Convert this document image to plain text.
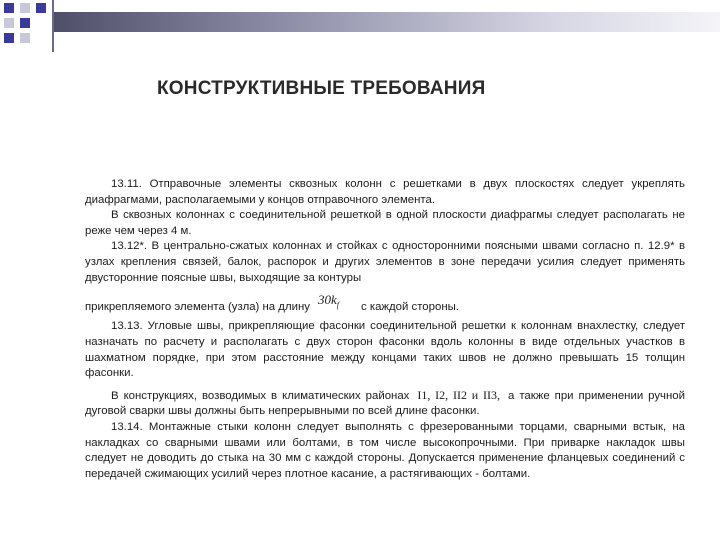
КОНСТРУКТИВНЫЕ ТРЕБОВАНИЯ

13.11. Отправочные элементы сквозных колонн с решетками в двух плоскостях следует укреплять диафрагмами, располагаемыми у концов отправочного элемента.

В сквозных колоннах с соединительной решеткой в одной плоскости диафрагмы следует располагать не реже чем через 4 м.

13.12*. В центрально-сжатых колоннах и стойках с односторонними поясными швами согласно п. 12.9* в узлах крепления связей, балок, распорок и других элементов в зоне передачи усилия следует применять двусторонние поясные швы, выходящие за контуры

прикрепляемого элемента (узла) на длину $30k_f$ с каждой стороны.

13.13. Угловые швы, прикрепляющие фасонки соединительной решетки к колоннам внахлестку, следует назначать по расчету и располагать с двух сторон фасонки вдоль колонны в виде отдельных участков в шахматном порядке, при этом расстояние между концами таких швов не должно превышать 15 толщин фасонки.

В конструкциях, возводимых в климатических районах I1, I2, II2 и II3, а также при применении ручной дуговой сварки швы должны быть непрерывными по всей длине фасонки.

13.14. Монтажные стыки колонн следует выполнять с фрезерованными торцами, сварными встык, на накладках со сварными швами или болтами, в том числе высокопрочными. При приварке накладок швы следует не доводить до стыка на 30 мм с каждой стороны. Допускается применение фланцевых соединений с передачей сжимающих усилий через плотное касание, а растягивающих - болтами.
